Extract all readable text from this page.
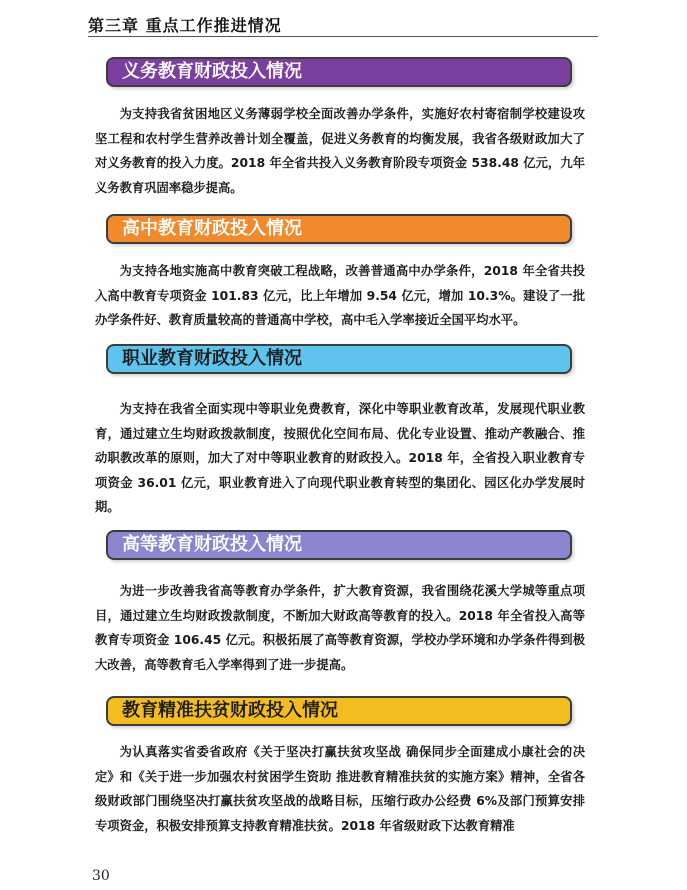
第三章 重点工作推进情况
义务教育财政投入情况

为支持我省贫困地区义务薄弱学校全面改善办学条件，实施好农村寄宿制学校建设攻坚工程和农村学生营养改善计划全覆盖，促进义务教育的均衡发展，我省各级财政加大了对义务教育的投入力度。2018 年全省共投入义务教育阶段专项资金 538.48 亿元，九年义务教育巩固率稳步提高。

高中教育财政投入情况

为支持各地实施高中教育突破工程战略，改善普通高中办学条件，2018 年全省共投入高中教育专项资金 101.83 亿元，比上年增加 9.54 亿元，增加 10.3%。建设了一批办学条件好、教育质量较高的普通高中学校，高中毛入学率接近全国平均水平。

职业教育财政投入情况

为支持在我省全面实现中等职业免费教育，深化中等职业教育改革，发展现代职业教育，通过建立生均财政拨款制度，按照优化空间布局、优化专业设置、推动产教融合、推动职教改革的原则，加大了对中等职业教育的财政投入。2018 年，全省投入职业教育专项资金 36.01 亿元，职业教育进入了向现代职业教育转型的集团化、园区化办学发展时期。

高等教育财政投入情况

为进一步改善我省高等教育办学条件，扩大教育资源，我省围绕花溪大学城等重点项目，通过建立生均财政拨款制度，不断加大财政高等教育的投入。2018 年全省投入高等教育专项资金 106.45 亿元。积极拓展了高等教育资源，学校办学环境和办学条件得到极大改善，高等教育毛入学率得到了进一步提高。

教育精准扶贫财政投入情况

为认真落实省委省政府《关于坚决打赢扶贫攻坚战 确保同步全面建成小康社会的决定》和《关于进一步加强农村贫困学生资助 推进教育精准扶贫的实施方案》精神，全省各级财政部门围绕坚决打赢扶贫攻坚战的战略目标，压缩行政办公经费 6%及部门预算安排专项资金，积极安排预算支持教育精准扶贫。2018 年省级财政下达教育精准

30
